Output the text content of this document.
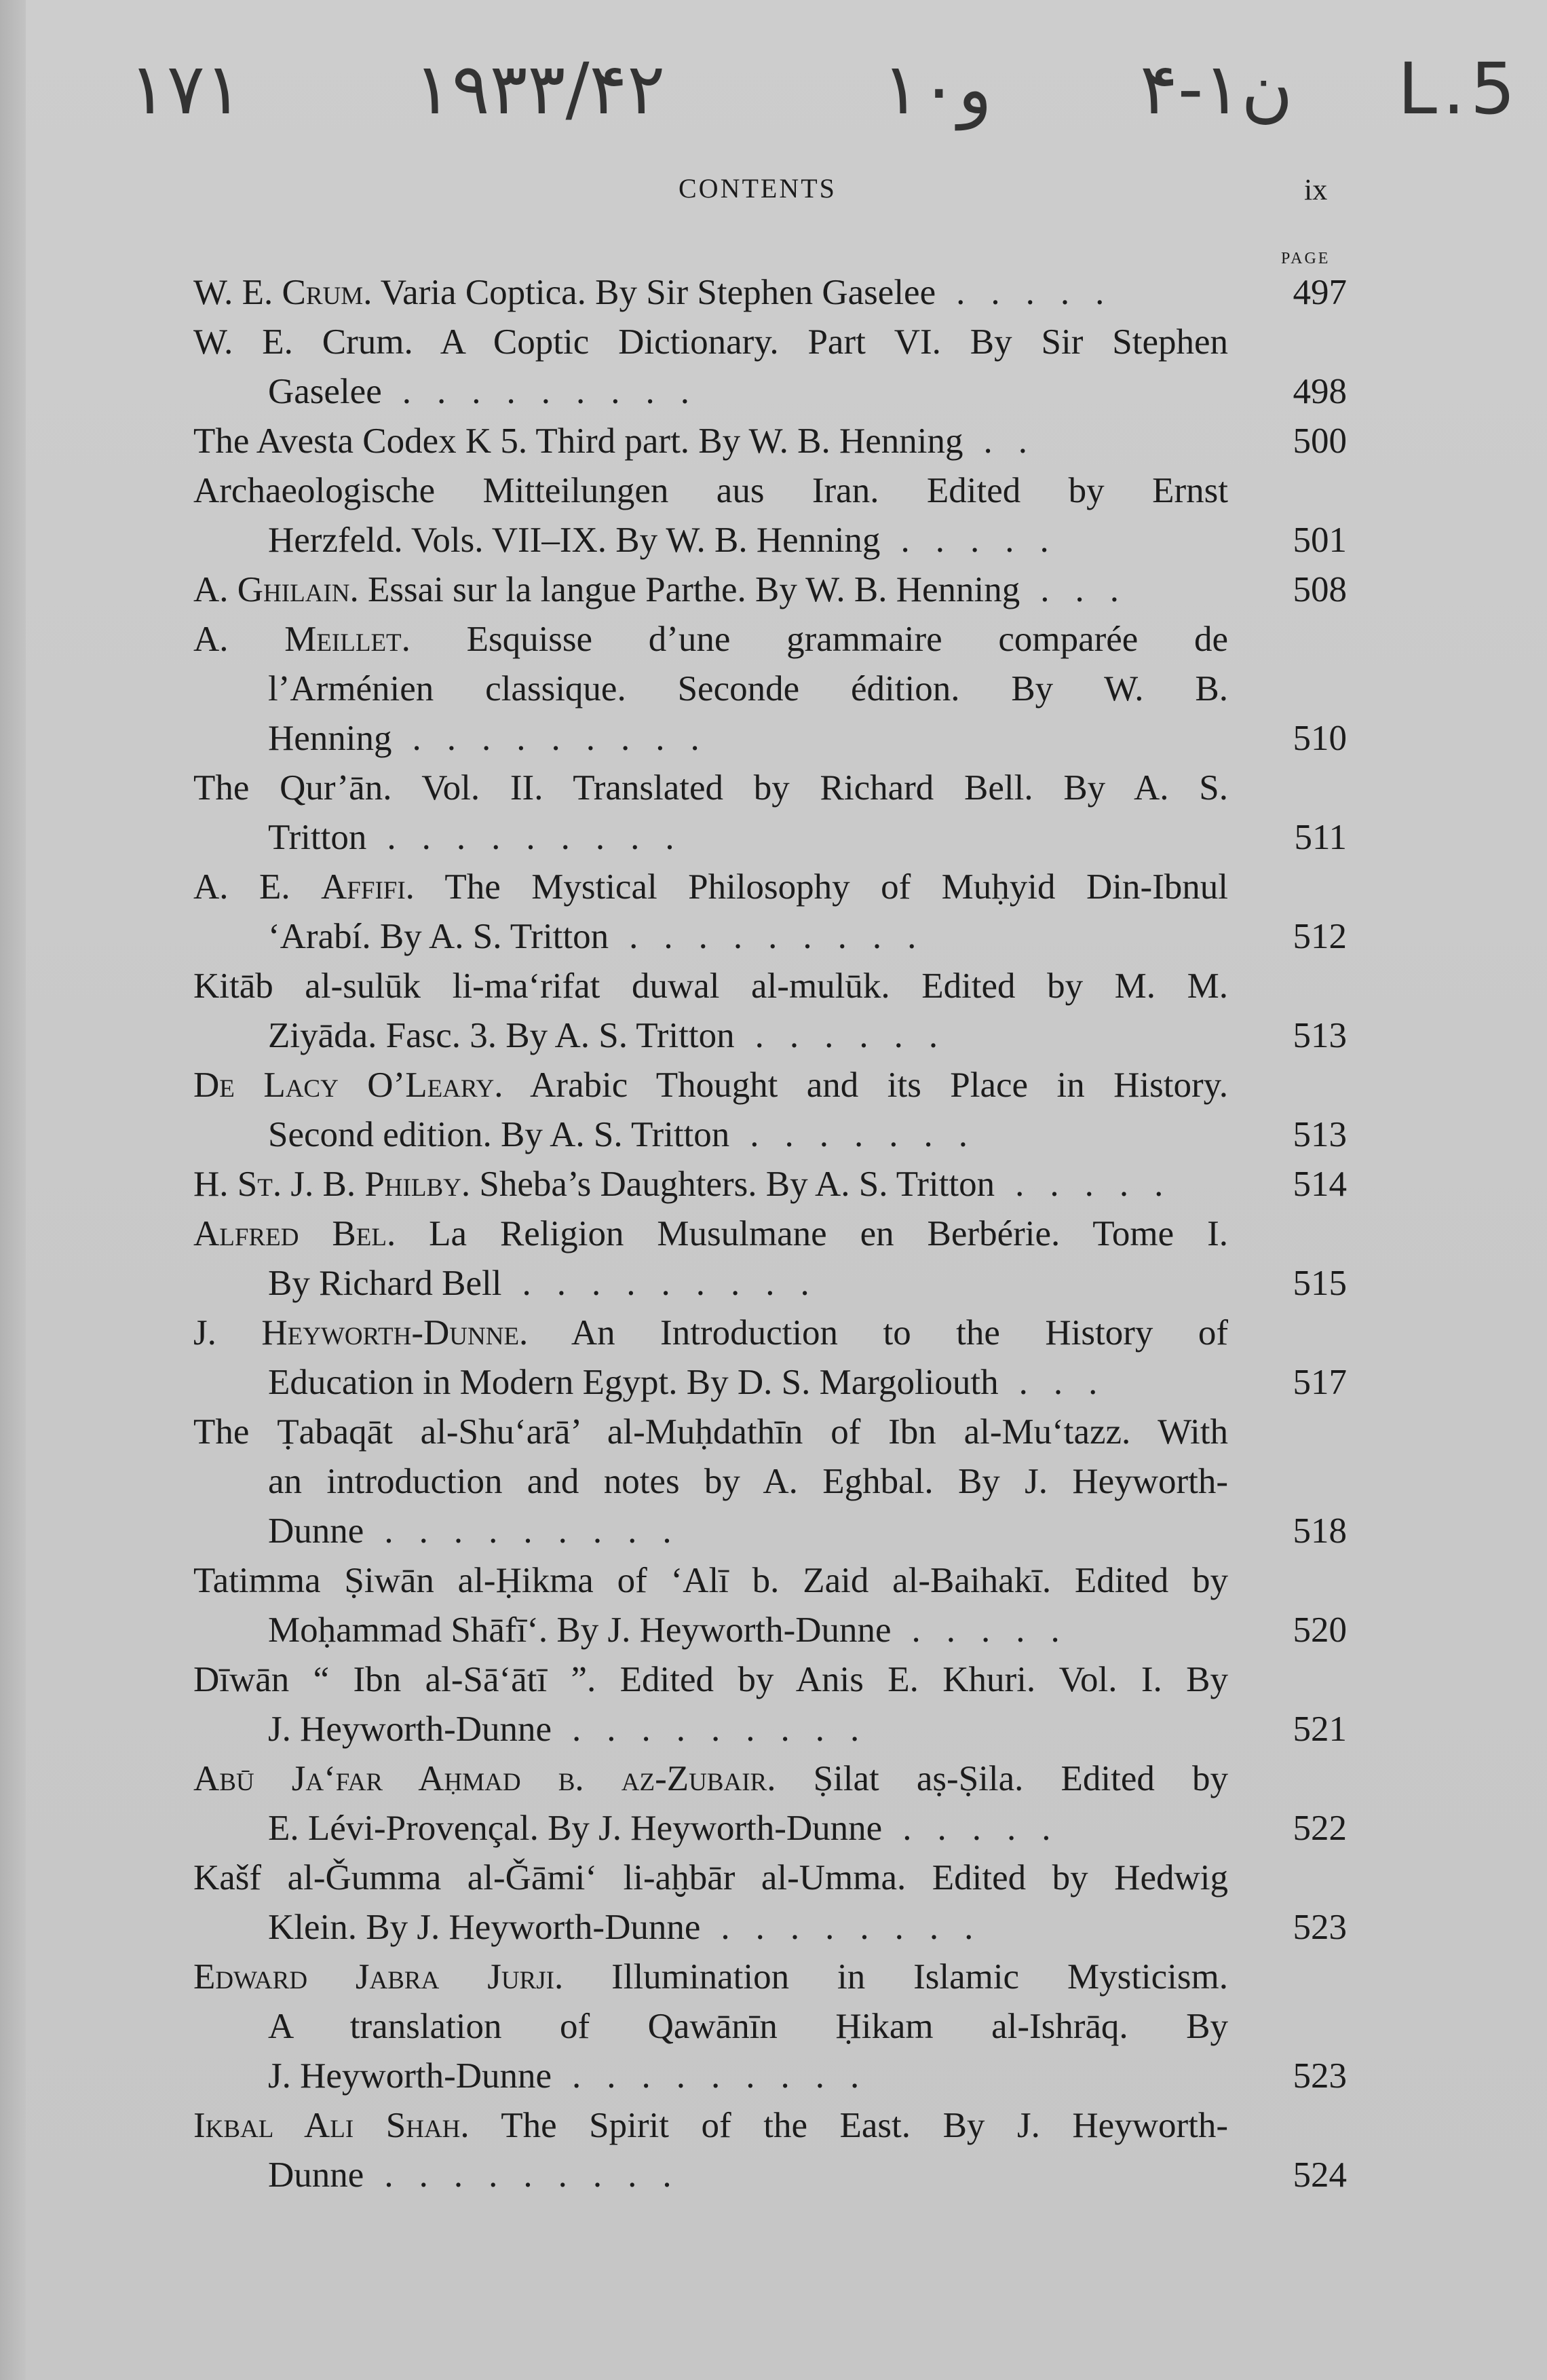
١۷١ ١٩۳۳/۴۲	و١٠ ن١-۴ L.5
CONTENTS	ix
PAGE
W. E. Crum. Varia Coptica. By Sir Stephen Gaselee .....	497
W. E. Crum. A Coptic Dictionary. Part VI. By Sir Stephen
Gaselee .........	498
The Avesta Codex K 5. Third part. By W. B. Henning ..	500
Archaeologische Mitteilungen aus Iran. Edited by Ernst
Herzfeld. Vols. VII–IX. By W. B. Henning .....	501
A. Ghilain. Essai sur la langue Parthe. By W. B. Henning ...	508
A. Meillet. Esquisse d’une grammaire comparée de
l’Arménien classique. Seconde édition. By W. B.
Henning .........	510
The Qur’ān. Vol. II. Translated by Richard Bell. By A. S.
Tritton .........	511
A. E. Affifi. The Mystical Philosophy of Muḥyid Din-Ibnul
‘Arabí. By A. S. Tritton .........	512
Kitāb al-sulūk li-ma‘rifat duwal al-mulūk. Edited by M. M.
Ziyāda. Fasc. 3. By A. S. Tritton ......	513
De Lacy O’Leary. Arabic Thought and its Place in History.
Second edition. By A. S. Tritton .......	513
H. St. J. B. Philby. Sheba’s Daughters. By A. S. Tritton .....	514
Alfred Bel. La Religion Musulmane en Berbérie. Tome I.
By Richard Bell .........	515
J. Heyworth-Dunne. An Introduction to the History of
Education in Modern Egypt. By D. S. Margoliouth ...	517
The Ṭabaqāt al-Shu‘arā’ al-Muḥdathīn of Ibn al-Mu‘tazz. With
an introduction and notes by A. Eghbal. By J. Heyworth-
Dunne .........	518
Tatimma Ṣiwān al-Ḥikma of ‘Alī b. Zaid al-Baihakī. Edited by
Moḥammad Shāfī‘. By J. Heyworth-Dunne .....	520
Dīwān “ Ibn al-Sā‘ātī ”. Edited by Anis E. Khuri. Vol. I. By
J. Heyworth-Dunne .........	521
Abū Ja‘far Aḥmad b. az-Zubair. Ṣilat aṣ-Ṣila. Edited by
E. Lévi-Provençal. By J. Heyworth-Dunne .....	522
Kašf al-Ǧumma al-Ǧāmi‘ li-aḫbār al-Umma. Edited by Hedwig
Klein. By J. Heyworth-Dunne ........	523
Edward Jabra Jurji. Illumination in Islamic Mysticism.
A translation of Qawānīn Ḥikam al-Ishrāq. By
J. Heyworth-Dunne .........	523
Ikbal Ali Shah. The Spirit of the East. By J. Heyworth-
Dunne .........	524
